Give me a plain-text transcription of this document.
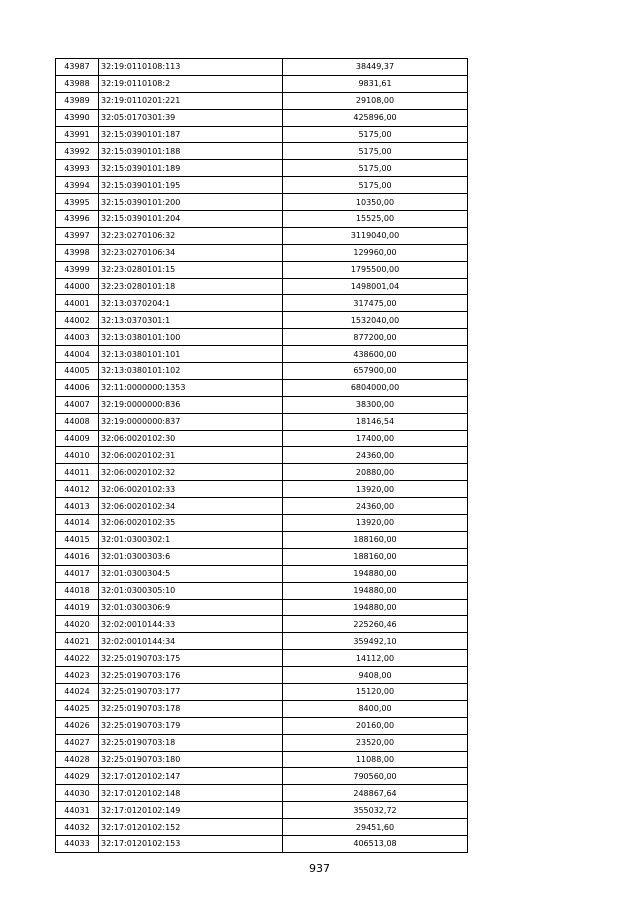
43987	32:19:0110108:113	38449,37
43988	32:19:0110108:2	9831,61
43989	32:19:0110201:221	29108,00
43990	32:05:0170301:39	425896,00
43991	32:15:0390101:187	5175,00
43992	32:15:0390101:188	5175,00
43993	32:15:0390101:189	5175,00
43994	32:15:0390101:195	5175,00
43995	32:15:0390101:200	10350,00
43996	32:15:0390101:204	15525,00
43997	32:23:0270106:32	3119040,00
43998	32:23:0270106:34	129960,00
43999	32:23:0280101:15	1795500,00
44000	32:23:0280101:18	1498001,04
44001	32:13:0370204:1	317475,00
44002	32:13:0370301:1	1532040,00
44003	32:13:0380101:100	877200,00
44004	32:13:0380101:101	438600,00
44005	32:13:0380101:102	657900,00
44006	32:11:0000000:1353	6804000,00
44007	32:19:0000000:836	38300,00
44008	32:19:0000000:837	18146,54
44009	32:06:0020102:30	17400,00
44010	32:06:0020102:31	24360,00
44011	32:06:0020102:32	20880,00
44012	32:06:0020102:33	13920,00
44013	32:06:0020102:34	24360,00
44014	32:06:0020102:35	13920,00
44015	32:01:0300302:1	188160,00
44016	32:01:0300303:6	188160,00
44017	32:01:0300304:5	194880,00
44018	32:01:0300305:10	194880,00
44019	32:01:0300306:9	194880,00
44020	32:02:0010144:33	225260,46
44021	32:02:0010144:34	359492,10
44022	32:25:0190703:175	14112,00
44023	32:25:0190703:176	9408,00
44024	32:25:0190703:177	15120,00
44025	32:25:0190703:178	8400,00
44026	32:25:0190703:179	20160,00
44027	32:25:0190703:18	23520,00
44028	32:25:0190703:180	11088,00
44029	32:17:0120102:147	790560,00
44030	32:17:0120102:148	248867,64
44031	32:17:0120102:149	355032,72
44032	32:17:0120102:152	29451,60
44033	32:17:0120102:153	406513,08
937
